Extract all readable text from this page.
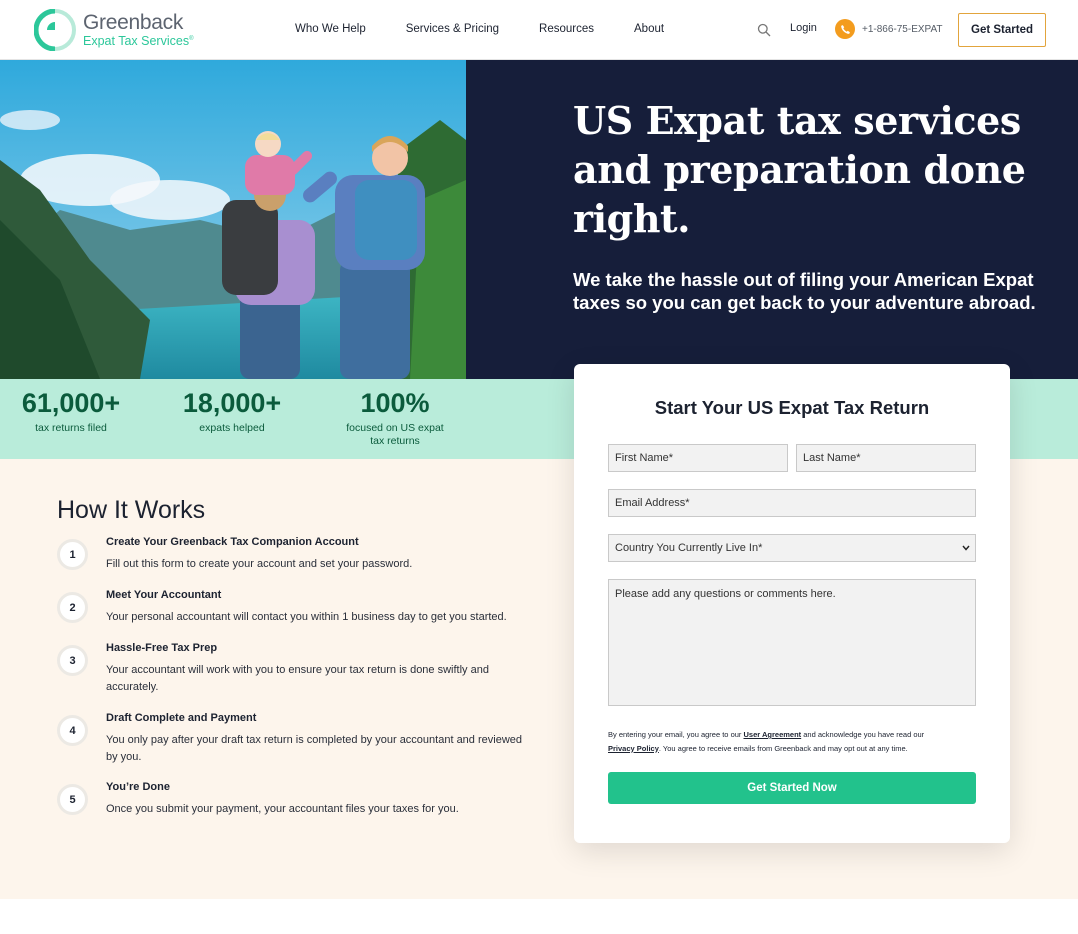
Greenback
Expat Tax Services®
Who We Help	Services & Pricing	Resources	About	Login	+1-866-75-EXPAT	Get Started
US Expat tax services and preparation done right.

We take the hassle out of filing your American Expat taxes so you can get back to your adventure abroad.

61,000+
tax returns filed
18,000+
expats helped
100%
focused on US expat tax returns
How It Works
1
Create Your Greenback Tax Companion Account

Fill out this form to create your account and set your password.

2
Meet Your Accountant

Your personal accountant will contact you within 1 business day to get you started.

3
Hassle-Free Tax Prep

Your accountant will work with you to ensure your tax return is done swiftly and accurately.

4
Draft Complete and Payment

You only pay after your draft tax return is completed by your accountant and reviewed by you.

5
You’re Done

Once you submit your payment, your accountant files your taxes for you.

Start Your US Expat Tax Return
First Name*
Last Name*
Email Address*
Country You Currently Live In*
Please add any questions or comments here.

By entering your email, you agree to our User Agreement and acknowledge you have read our
Privacy Policy. You agree to receive emails from Greenback and may opt out at any time.

Get Started Now
